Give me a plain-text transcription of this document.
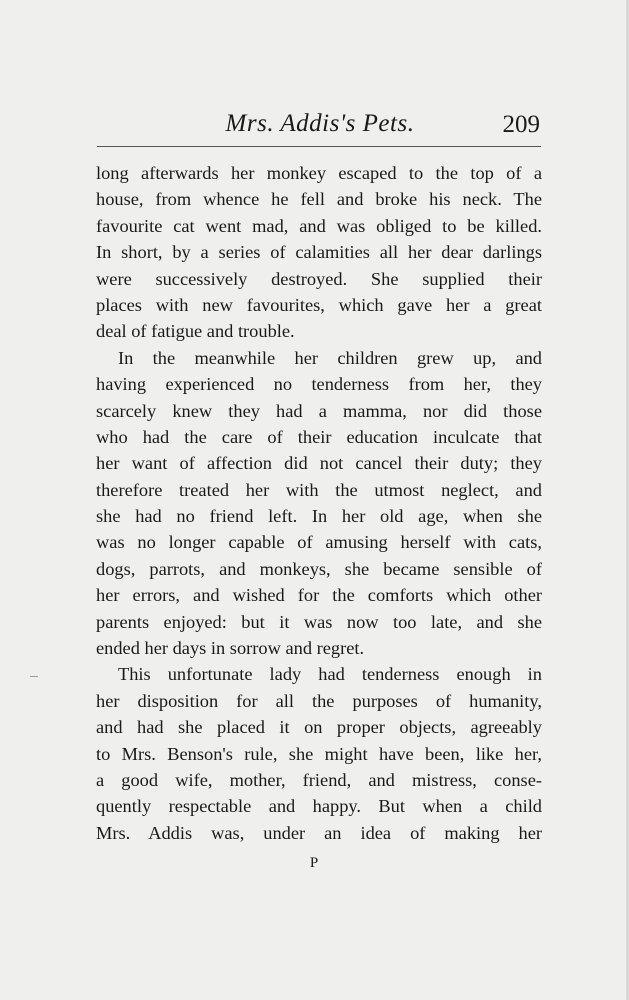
Mrs. Addis's Pets.	209
long afterwards her monkey escaped to the top of a
house, from whence he fell and broke his neck. The
favourite cat went mad, and was obliged to be killed.
In short, by a series of calamities all her dear darlings
were successively destroyed. She supplied their
places with new favourites, which gave her a great
deal of fatigue and trouble.
In the meanwhile her children grew up, and
having experienced no tenderness from her, they
scarcely knew they had a mamma, nor did those
who had the care of their education inculcate that
her want of affection did not cancel their duty; they
therefore treated her with the utmost neglect, and
she had no friend left. In her old age, when she
was no longer capable of amusing herself with cats,
dogs, parrots, and monkeys, she became sensible of
her errors, and wished for the comforts which other
parents enjoyed: but it was now too late, and she
ended her days in sorrow and regret.
This unfortunate lady had tenderness enough in
her disposition for all the purposes of humanity,
and had she placed it on proper objects, agreeably
to Mrs. Benson's rule, she might have been, like her,
a good wife, mother, friend, and mistress, conse-
quently respectable and happy. But when a child
Mrs. Addis was, under an idea of making her
P
